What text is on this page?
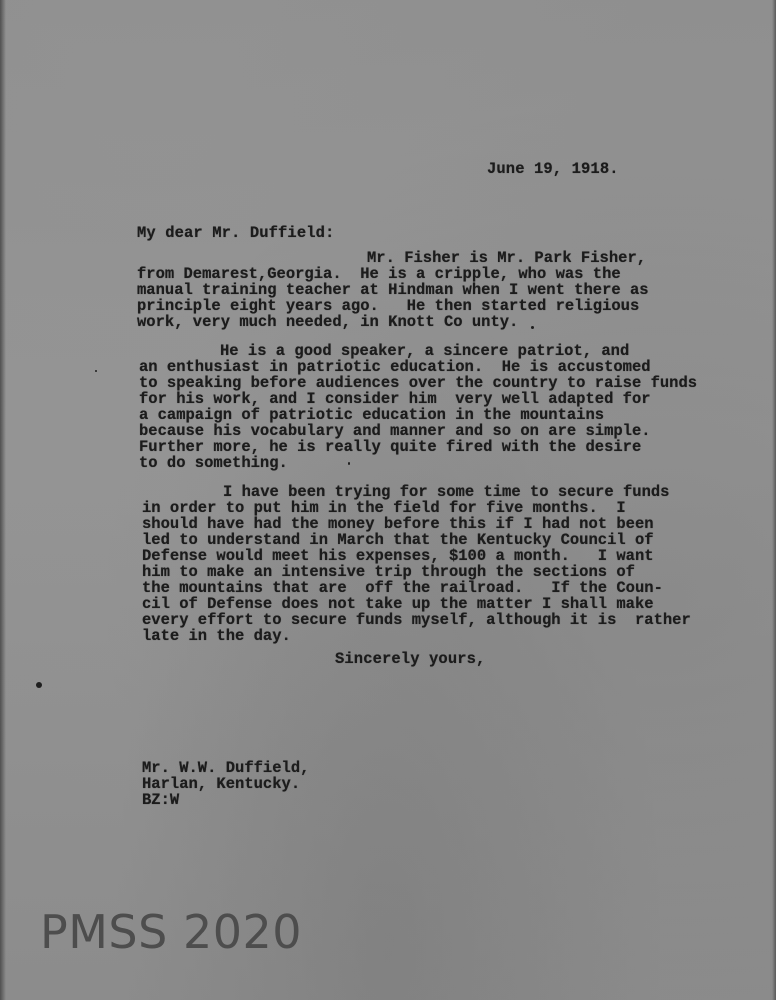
June 19, 1918.
My dear Mr. Duffield:
Mr. Fisher is Mr. Park Fisher,
from Demarest,Georgia.  He is a cripple, who was the
manual training teacher at Hindman when I went there as
principle eight years ago.   He then started religious
work, very much needed, in Knott Co unty.
He is a good speaker, a sincere patriot, and
an enthusiast in patriotic education.  He is accustomed
to speaking before audiences over the country to raise funds
for his work, and I consider him  very well adapted for
a campaign of patriotic education in the mountains
because his vocabulary and manner and so on are simple.
Further more, he is really quite fired with the desire
to do something.
I have been trying for some time to secure funds
in order to put him in the field for five months.  I
should have had the money before this if I had not been
led to understand in March that the Kentucky Council of
Defense would meet his expenses, $100 a month.   I want
him to make an intensive trip through the sections of
the mountains that are  off the railroad.   If the Coun-
cil of Defense does not take up the matter I shall make
every effort to secure funds myself, although it is  rather
late in the day.
Sincerely yours,
Mr. W.W. Duffield,
Harlan, Kentucky.
BZ:W
PMSS 2020
